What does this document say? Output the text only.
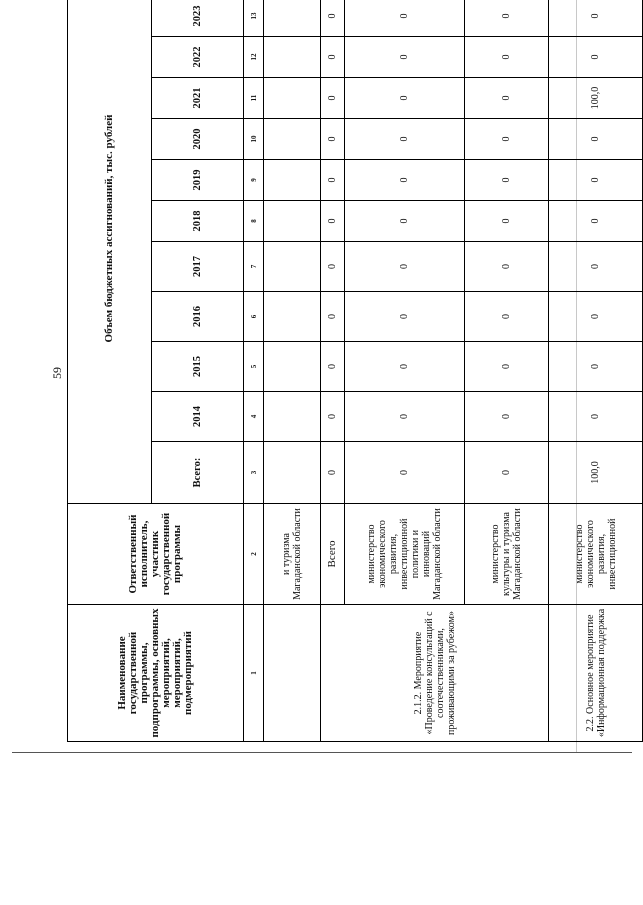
59
Наименование государственной программы, подпрограммы, основных мероприятий, мероприятий, подмероприятий	Ответственный исполнитель, участник государственной программы	Объем бюджетных ассигнований, тыс. рублей											
		Всего:	2014	2015	2016	2017	2018	2019	2020	2021	2022	2023	
1	2	3	4	5	6	7	8	9	10	11	12	13	
	и туризма Магаданской области												
2.1.2. Мероприятие «Проведение консультаций с соотечественниками, проживающими за рубежом»	Всего	0	0	0	0	0	0	0	0	0	0	0	
	министерство экономического развития, инвестиционной политики и инноваций Магаданской области	0	0	0	0	0	0	0	0	0	0	0	
	министерство культуры и туризма Магаданской области	0	0	0	0	0	0	0	0	0	0	0	
2.2. Основное мероприятие «Информационная поддержка	министерство экономического развития, инвестиционной	100,0	0	0	0	0	0	0	0	100,0	0	0	
